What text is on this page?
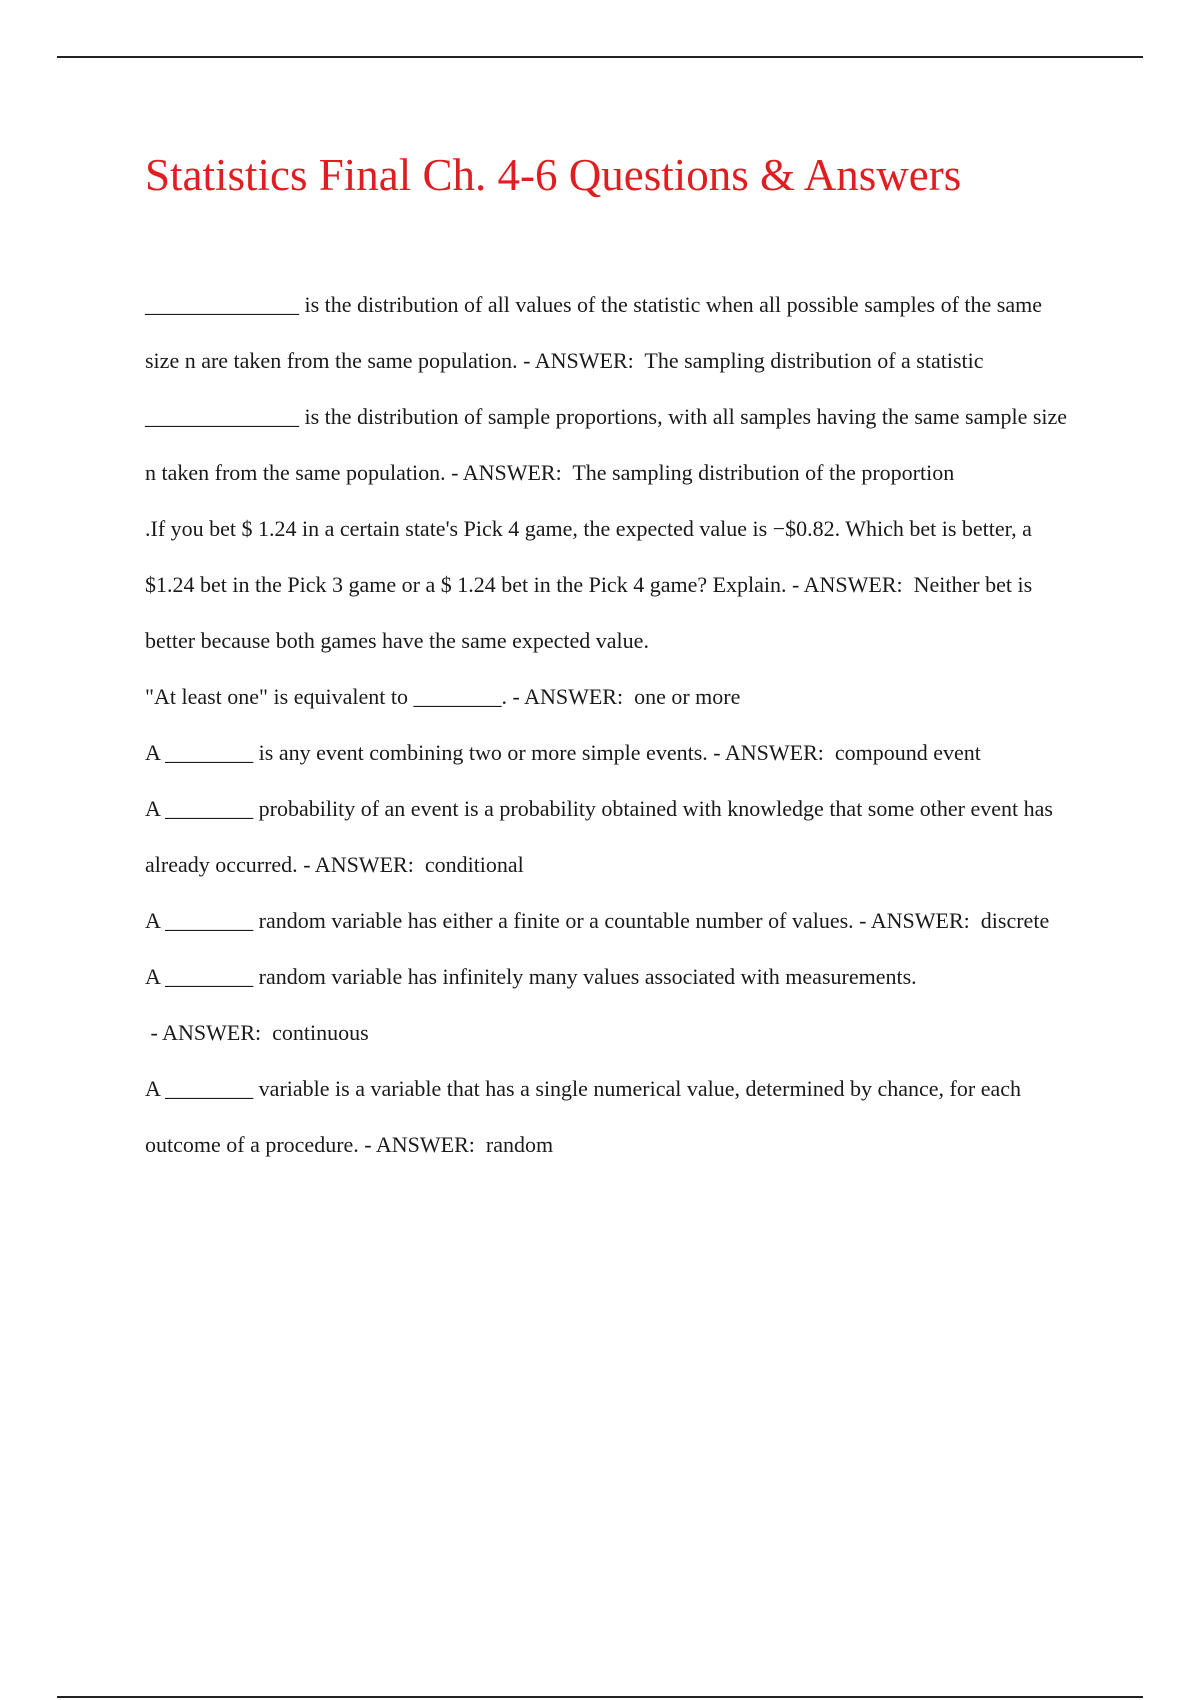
Statistics Final Ch. 4-6 Questions & Answers

______________ is the distribution of all values of the statistic when all possible samples of the same size n are taken from the same population. - ANSWER:  The sampling distribution of a statistic

______________ is the distribution of sample proportions, with all samples having the same sample size n taken from the same population. - ANSWER:  The sampling distribution of the proportion

.If you bet $ 1.24 in a certain state's Pick 4 game, the expected value is −$0.82. Which bet is better, a $1.24 bet in the Pick 3 game or a $ 1.24 bet in the Pick 4 game? Explain. - ANSWER:  Neither bet is better because both games have the same expected value.

"At least one" is equivalent to ________. - ANSWER:  one or more

A ________ is any event combining two or more simple events. - ANSWER:  compound event

A ________ probability of an event is a probability obtained with knowledge that some other event has already occurred. - ANSWER:  conditional

A ________ random variable has either a finite or a countable number of values. - ANSWER:  discrete

A ________ random variable has infinitely many values associated with measurements. - ANSWER:  continuous

A ________ variable is a variable that has a single numerical value, determined by chance, for each outcome of a procedure. - ANSWER:  random
